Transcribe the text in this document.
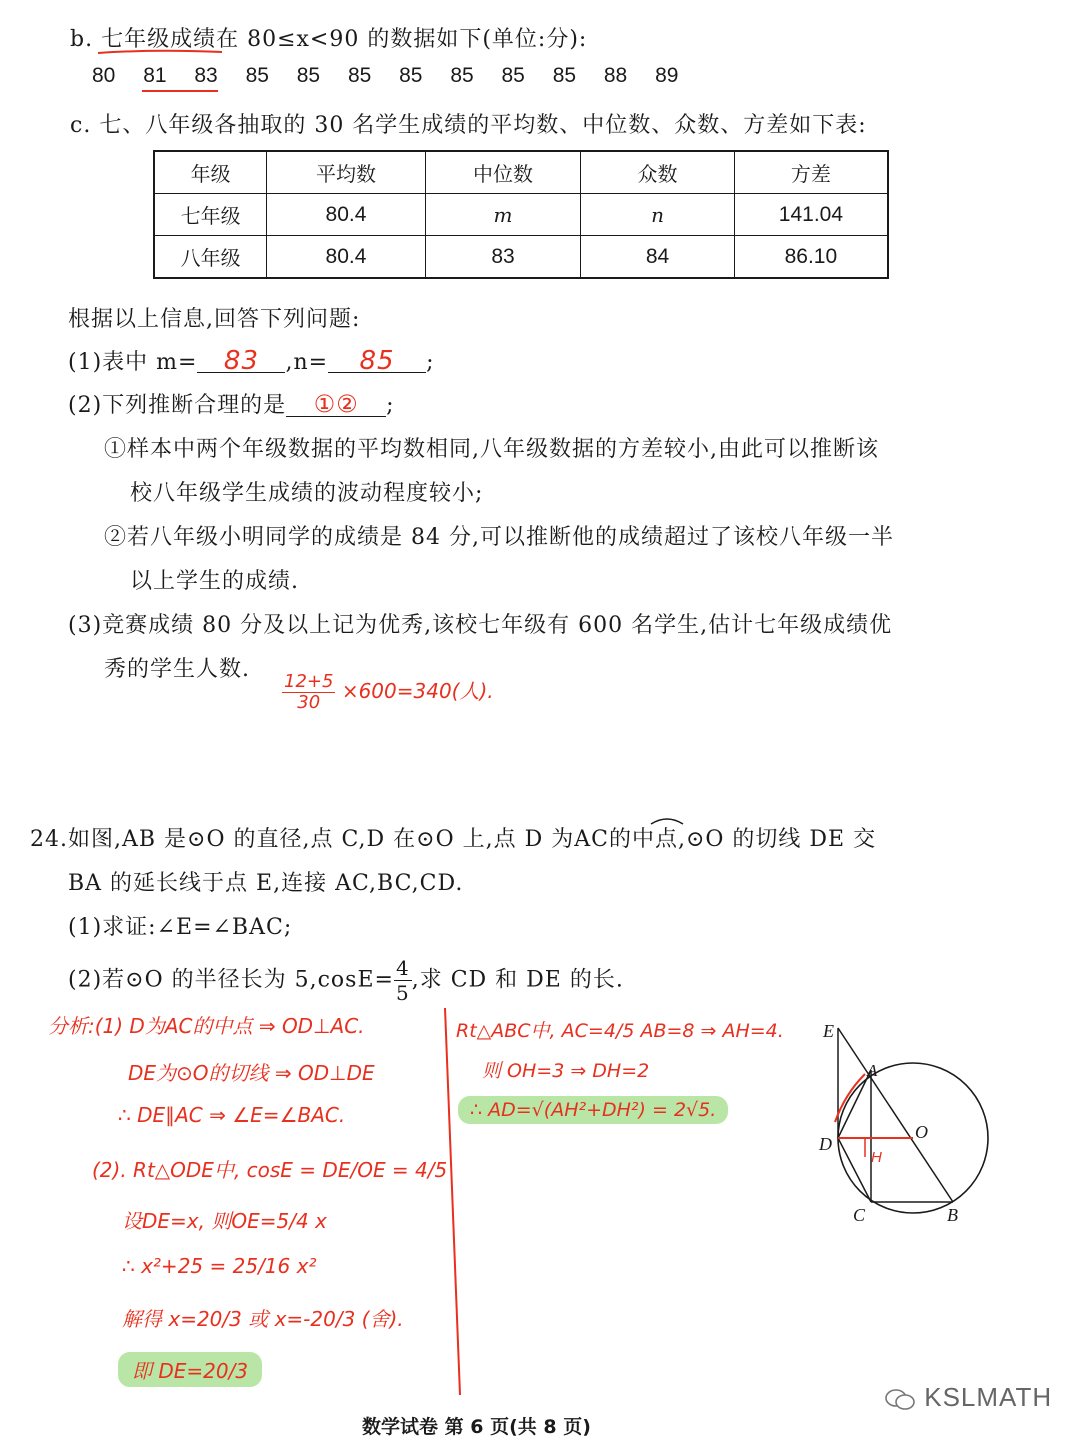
b. 七年级成绩在 80≤x<90 的数据如下(单位:分):
80 81 83 85 85 85 85 85 85 85 88 89
c. 七、八年级各抽取的 30 名学生成绩的平均数、中位数、众数、方差如下表:
年级	平均数	中位数	众数	方差
七年级	80.4	m	n	141.04
八年级	80.4	83	84	86.10
根据以上信息,回答下列问题:
(1)表中 m= 83 ,n= 85 ;
(2)下列推断合理的是 ①② ;
①样本中两个年级数据的平均数相同,八年级数据的方差较小,由此可以推断该
校八年级学生成绩的波动程度较小;
②若八年级小明同学的成绩是 84 分,可以推断他的成绩超过了该校八年级一半
以上学生的成绩.
(3)竞赛成绩 80 分及以上记为优秀,该校七年级有 600 名学生,估计七年级成绩优
秀的学生人数.
$\frac{12+5}{30} \times 600=340$(人).
24.如图,AB 是⊙O 的直径,点 C,D 在⊙O 上,点 D 为AC的中点,⊙O 的切线 DE 交
BA 的延长线于点 E,连接 AC,BC,CD.
(1)求证:∠E=∠BAC;
(2)若⊙O 的半径长为 $5,\cos E= \frac{4}{5}$ ,求 CD 和 DE 的长.
分析:(1) D为AC的中点 ⇒ OD⊥AC.
DE为⊙O的切线 ⇒ OD⊥DE
∴ DE∥AC ⇒ ∠E=∠BAC.
(2). Rt△ODE中, cosE = DE/OE = 4/5
设DE=x, 则OE=5/4 x
∴ x²+25 = 25/16 x²
解得 x=20/3 或 x=-20/3 (舍).
即 DE=20/3
Rt△ABC中, AC=4/5 AB=8 ⇒ AH=4.
则 OH=3 ⇒ DH=2
∴ AD=√(AH²+DH²) = 2√5.
E
A
O
D
C	B
H
数学试卷 第 6 页(共 8 页)
KSLMATH
